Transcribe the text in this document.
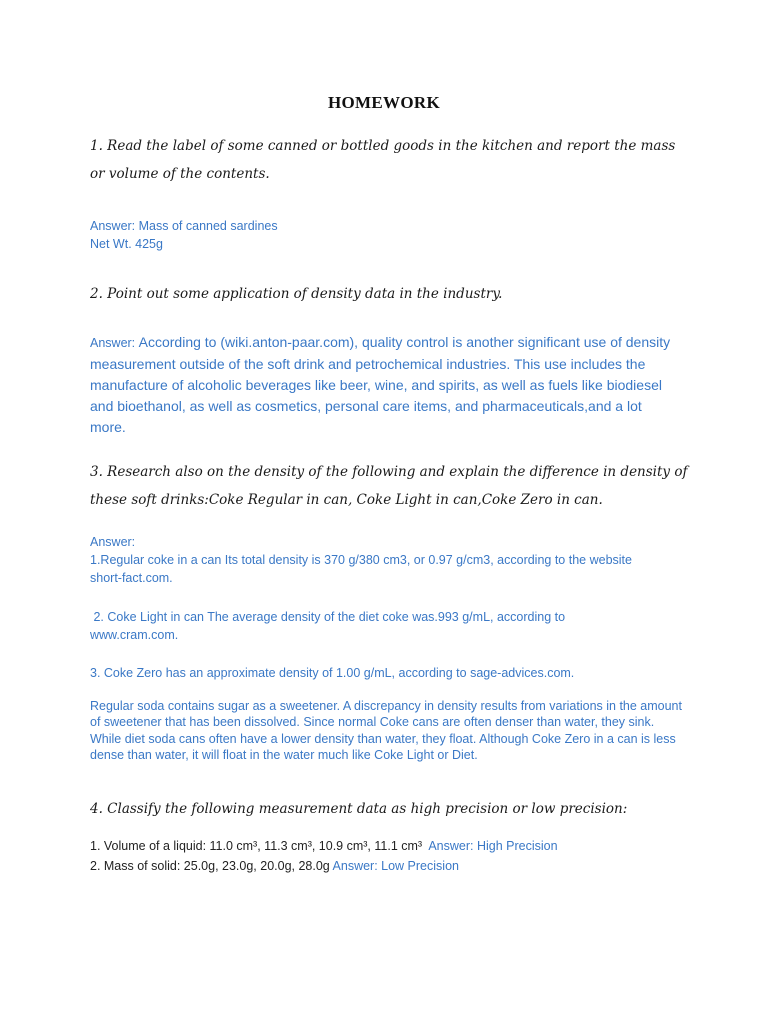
HOMEWORK
1. Read the label of some canned or bottled goods in the kitchen and report the mass or volume of the contents.
Answer: Mass of canned sardines
Net Wt. 425g
2. Point out some application of density data in the industry.
Answer: According to (wiki.anton-paar.com), quality control is another significant use of density measurement outside of the soft drink and petrochemical industries. This use includes the manufacture of alcoholic beverages like beer, wine, and spirits, as well as fuels like biodiesel and bioethanol, as well as cosmetics, personal care items, and pharmaceuticals,and a lot more.
3. Research also on the density of the following and explain the difference in density of these soft drinks:Coke Regular in can, Coke Light in can,Coke Zero in can.
Answer:
1.Regular coke in a can Its total density is 370 g/380 cm3, or 0.97 g/cm3, according to the website short-fact.com.
2. Coke Light in can The average density of the diet coke was.993 g/mL, according to www.cram.com.
3. Coke Zero has an approximate density of 1.00 g/mL, according to sage-advices.com.
Regular soda contains sugar as a sweetener. A discrepancy in density results from variations in the amount of sweetener that has been dissolved. Since normal Coke cans are often denser than water, they sink. While diet soda cans often have a lower density than water, they float. Although Coke Zero in a can is less dense than water, it will float in the water much like Coke Light or Diet.
4. Classify the following measurement data as high precision or low precision:
1. Volume of a liquid: 11.0 cm³, 11.3 cm³, 10.9 cm³, 11.1 cm³  Answer: High Precision
2. Mass of solid: 25.0g, 23.0g, 20.0g, 28.0g Answer: Low Precision
